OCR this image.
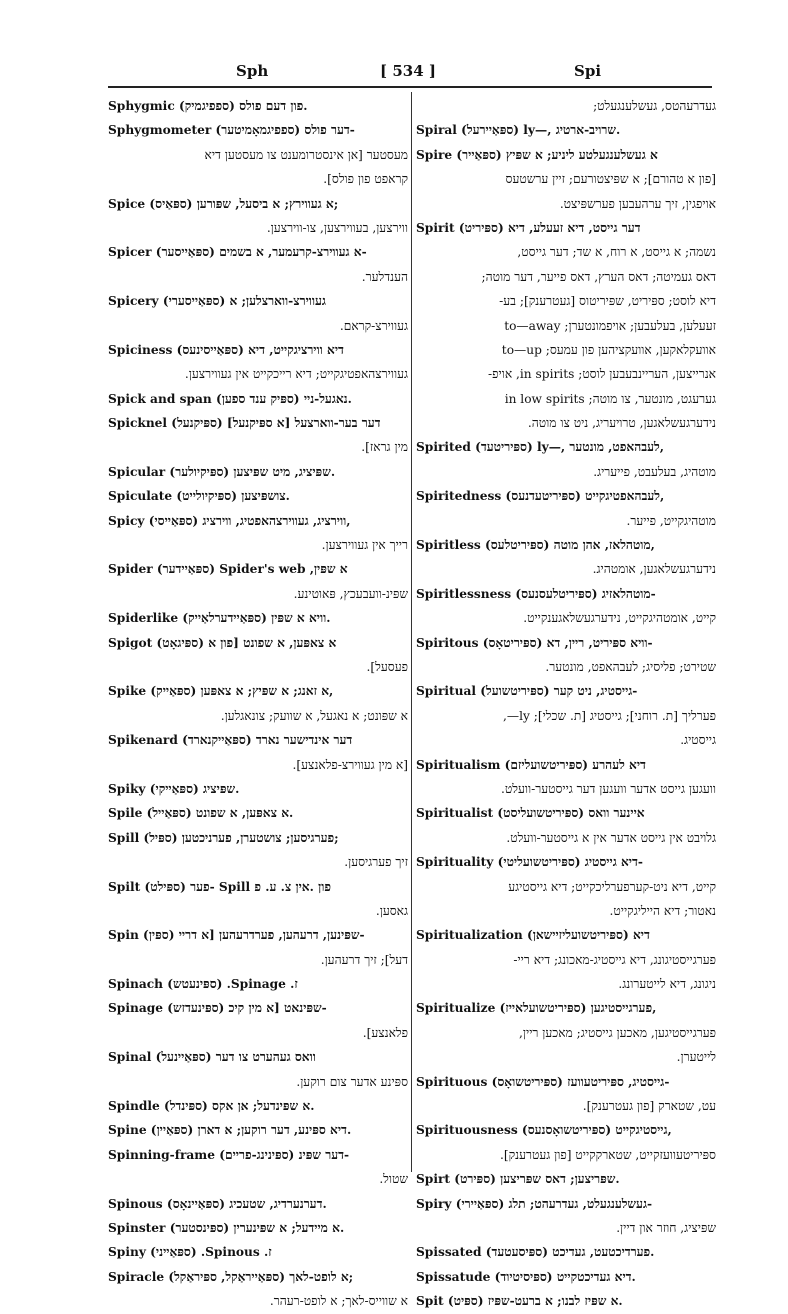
Sph	[ 534 ]	Spi
Sphygmic (ספפיגמיק) פון דעם פולס.
Sphygmometer (ספפיגמאָמיטער) דער פולס-
מעסטער [אן אינסטרומענט צו מעסטען דיא
קראפט פון פולס].
Spice (ספּאַיס) א געווירץ; א ביסעל, שפּורען;
ווירצען, בעווירצען, צו-ווירצען.
Spicer (ספּאַייסער) א געווירצ-קרעמער, א בשמים-
הענדלער.
Spicery (ספּאַייסערי) געווירצ-ווארצלען; א
געווירצ-קראם.
Spiciness (ספּאַייסינעס) דיא ווירציגקייט, דיא
געווירצהאפטיגקייט; דיא רייכקייט אין געווירצען.
Spick and span (ספּיק ענד ספען) נאגעל-ניי.
Spicknel (ספּיקנעל) [א ספּיקנעל] דער בער-ווארצעל
מין גראז].
Spicular (ספּיקיולער) שפּיציג, מיט שפּיצען.
Spiculate (ספּיקיולייט) צושפּיצען.
Spicy (ספּאַייסי) ווירציג, געווירצהאפטיג, ווירציג,
רייך אין געווירצען.
Spider (ספּאַיידער) Spider's web ,א שפּין
שפּינ-וועבעכץ, פּאוטינע.
Spiderlike (ספּאַיידערלאַייק) וויא א שפּין.
Spigot (ספּיגאָט) א צאפּען, א שפונט [פון א
פעסעל].
Spike (ספּאַייק) א זאנג; א שפּיץ; א צאפּען,
א שפּונט; א נאגעל, א שוועק; צונאגלען.
Spikenard (ספּאַייקנארד) דער אינדישער נארד
[א מין געווירצ-פלאנצע].
Spiky (ספּאַייקי) שפּיציג.
Spile (ספּאַייל) א צאפּען, א שפונט.
Spill (ספּיל) פערגיסען; צושטערן, פערניכטען;
זיך פערגיסען.
Spilt (ספּילט) פער- Spill פון .אין צ. ע. פ
גאסען.
Spin (ספּין) שפּינען, דרעהען, פערדרעהען [א דריי-
דעל]; זיך דרעהען.
Spinach (ספּינעטש) .Spinage .ז
Spinage (ספּינעדזש) שפּינאט [א מין קיכ-
פלאנצע].
Spinal (ספּאַיינעל) וואס געהערט צו דער
ספּינע אדער צום רוקען.
Spindle (ספּינדל) א שפּינדעל; אן אקס.
Spine (ספּאַיין) דיא ספּינע, דער רוקען; א דארן.
Spinning-frame (ספּינינג-פריים) דער שפּינ-
שטול.
Spinous (ספּאַיינאָס) דערנערדיג, שטעכיג.
Spinster (ספּינסטער) א מיידעל; א שפּינערין.
Spiny (ספּאַייני) .Spinous .ז
Spiracle (ספּאַייראַקל, ספּיראַקל) א לופט-לאך;
א שווייס-לאך; א לופט-רעהר.
געדרעהטס, געשלענגעלט;
Spiral (ספּאַיירעל) ly—, שרויב-ארטיג.
Spire (ספּאַייר) א געשלענגעלטע ליניע; א שפּיץ
[פון א טהורם]; א שפּיצטורעם; זיין ערשטעס
אויפגין, זיך ערהעבען פערשפּיצט.
Spirit (ספּיריט) דער גייסט, דיא זעעלע, דיא
נשמה; א גייסט, א רוח, א שד; דער גייסט,
דאס געמיטה; דאס הערץ, דאס פייער, דער מוטה;
דיא לוסט; ספּיריט, שפּיריטוס [געטרענק]; בע-
זעעלען, בעלעבען; אויפמונטערן; to—away
אוועקלאקען, אוועקציהען פון עמעס; to—up
אנרייצען, העריינבעבען לוסט; in spirits, אויפ-
גערעגט, מונטער, צו מוטה; in low spirits
נידערגעשלאגען, טרויעריג, ניט צו מוטה.
Spirited (ספּיריטעד) ly—, לעבהאפט, מונטער,
מוטהיג, בעלעבט, פייעריג.
Spiritedness (ספּיריטעדנעס) לעבהאפטיגקייט,
מוטהיגקייט, פייער.
Spiritless (ספּיריטלעס) מוטהלאז, אהן מוטה,
נידערגעשלאגען, אומטהיג.
Spiritlessness (ספּיריטלעסנעס) מוטהלאזיג-
קייט, אומטהיגקייט, נידערגעשלאגענקייט.
Spiritous (ספּיריטאָס) וויא ספּיריט, ריין, דא-
שטירט; פליסיג; לעבהאפט, מונטער.
Spiritual (ספּיריטשועל) גייסטיג, ניט קער-
פערליך [ת. רוחני]; גייסטיג [ת. שכלי]; ly—,
גייסטיג.
Spiritualism (ספּיריטשועליזם) דיא לעהרע
וועגען גייסט אדער וועגען דער גייסטער-וועלט.
Spiritualist (ספּיריטשועליסט) איינער וואס
גלויבט אין גייסט אדער אין א גייסטער-וועלט.
Spirituality (ספּיריטשועליטי) דיא גייסטיג-
קייט, דיא ניט-קערפערליכקייט; דיא גייסטיגע
נאטור; דיא הייליגקייט.
Spiritualization (ספּיריטשועליזיישאן) דיא
פערגייסטיגונג, דיא גייסטיג-מאכונג; דיא ריי-
ניגונג, דיא לייטערונג.
Spiritualize (ספּיריטשועלאייז) פערגייסטיגען,
פערגייסטיגען, מאכען גייסטיג; מאכען ריין,
לייטערן.
Spirituous (ספּיריטשואָס) גייסטיג, ספּיריטעוועז-
עט, שטארק [פון געטרענק].
Spirituousness (ספּיריטשואָסנעס) גייסטיגקייט,
ספּיריטעוועזקייט, שטארקקייט [פון געטרענק].
Spirt (ספּירט) שפּריצען; דאס שפּריצען.
Spiry (ספּאַיירי) געשלענגעלט, געדרעהט; תלג-
שפּיציג, חוזר און דיין.
Spissated (ספּיסעטעד) פערדיכטעט, געדיכט.
Spissatude (ספּיסיטיוד) דיא געדיכטקייט.
Spit (ספּיט) א שפּיז לבנו; א ברעט-שפּיז.
